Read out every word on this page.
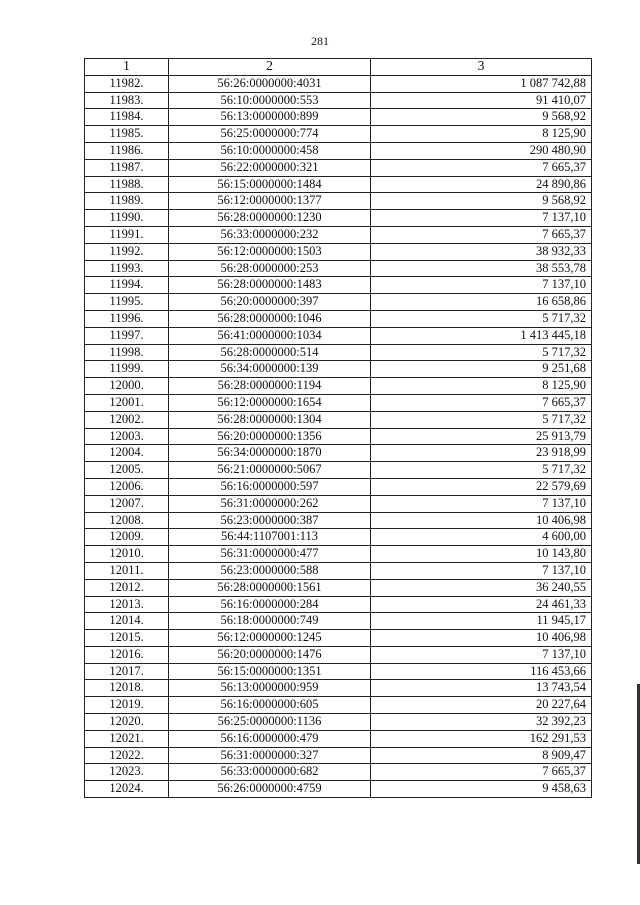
281
1	2	3
11982.	56:26:0000000:4031	1 087 742,88
11983.	56:10:0000000:553	91 410,07
11984.	56:13:0000000:899	9 568,92
11985.	56:25:0000000:774	8 125,90
11986.	56:10:0000000:458	290 480,90
11987.	56:22:0000000:321	7 665,37
11988.	56:15:0000000:1484	24 890,86
11989.	56:12:0000000:1377	9 568,92
11990.	56:28:0000000:1230	7 137,10
11991.	56:33:0000000:232	7 665,37
11992.	56:12:0000000:1503	38 932,33
11993.	56:28:0000000:253	38 553,78
11994.	56:28:0000000:1483	7 137,10
11995.	56:20:0000000:397	16 658,86
11996.	56:28:0000000:1046	5 717,32
11997.	56:41:0000000:1034	1 413 445,18
11998.	56:28:0000000:514	5 717,32
11999.	56:34:0000000:139	9 251,68
12000.	56:28:0000000:1194	8 125,90
12001.	56:12:0000000:1654	7 665,37
12002.	56:28:0000000:1304	5 717,32
12003.	56:20:0000000:1356	25 913,79
12004.	56:34:0000000:1870	23 918,99
12005.	56:21:0000000:5067	5 717,32
12006.	56:16:0000000:597	22 579,69
12007.	56:31:0000000:262	7 137,10
12008.	56:23:0000000:387	10 406,98
12009.	56:44:1107001:113	4 600,00
12010.	56:31:0000000:477	10 143,80
12011.	56:23:0000000:588	7 137,10
12012.	56:28:0000000:1561	36 240,55
12013.	56:16:0000000:284	24 461,33
12014.	56:18:0000000:749	11 945,17
12015.	56:12:0000000:1245	10 406,98
12016.	56:20:0000000:1476	7 137,10
12017.	56:15:0000000:1351	116 453,66
12018.	56:13:0000000:959	13 743,54
12019.	56:16:0000000:605	20 227,64
12020.	56:25:0000000:1136	32 392,23
12021.	56:16:0000000:479	162 291,53
12022.	56:31:0000000:327	8 909,47
12023.	56:33:0000000:682	7 665,37
12024.	56:26:0000000:4759	9 458,63
